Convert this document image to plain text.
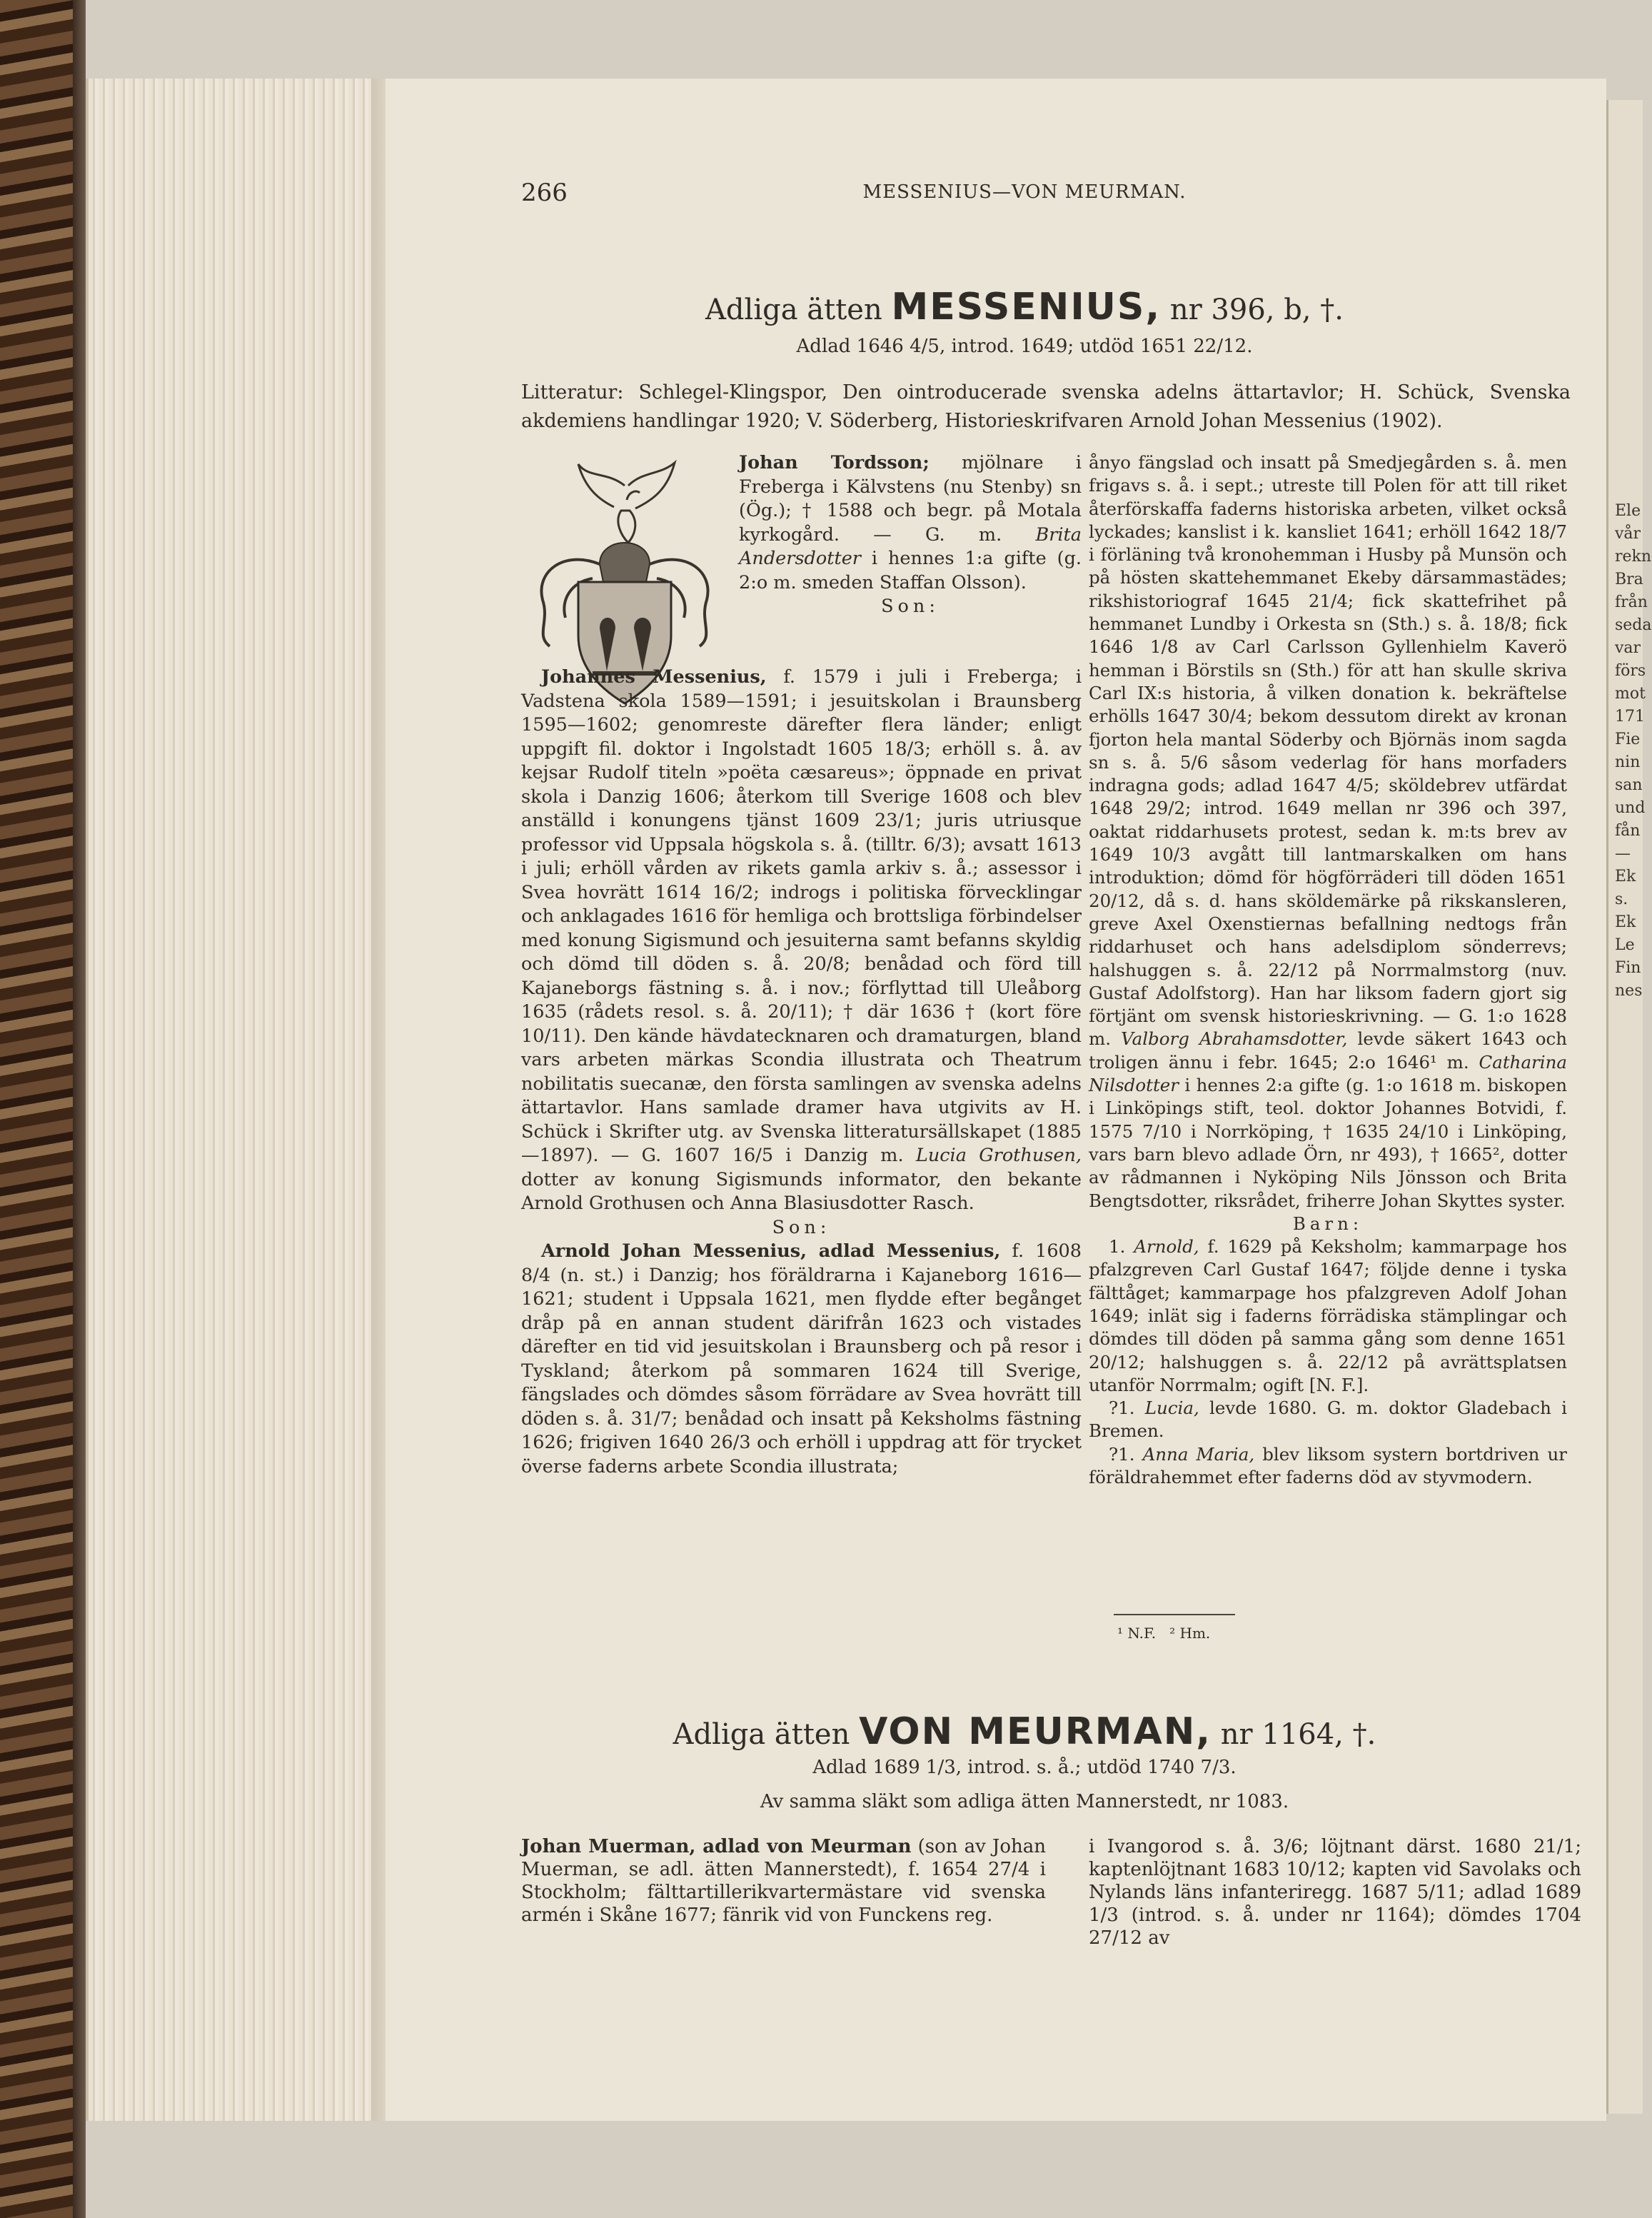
Ele
vår
rekn
Bra
från
seda
var
förs
mot
171
Fie
nin
san
und
fån
—
Ek
s.
Ek
Le
Fin
nes
266	MESSENIUS—VON MEURMAN.
Adliga ätten MESSENIUS, nr 396, b, †.
Adlad 1646 4/5, introd. 1649; utdöd 1651 22/12.
Litteratur: Schlegel-Klingspor, Den ointroducerade svenska adelns ättartavlor; H. Schück, Svenska akdemiens handlingar 1920; V. Söderberg, Historieskrifvaren Arnold Johan Messenius (1902).

Johan Tordsson; mjölnare i Freberga i Kälvstens (nu Stenby) sn (Ög.); † 1588 och begr. på Motala kyrkogård. — G. m. Brita Andersdotter i hennes 1:a gifte (g. 2:o m. smeden Staffan Olsson).

Son:

Johannes Messenius, f. 1579 i juli i Freberga; i Vadstena skola 1589—1591; i jesuitskolan i Braunsberg 1595—1602; genomreste därefter flera länder; enligt uppgift fil. doktor i Ingolstadt 1605 18/3; erhöll s. å. av kejsar Rudolf titeln »poëta cæsareus»; öppnade en privat skola i Danzig 1606; återkom till Sverige 1608 och blev anställd i konungens tjänst 1609 23/1; juris utriusque professor vid Uppsala högskola s. å. (tilltr. 6/3); avsatt 1613 i juli; erhöll vården av rikets gamla arkiv s. å.; assessor i Svea hovrätt 1614 16/2; indrogs i politiska förvecklingar och anklagades 1616 för hemliga och brottsliga förbindelser med konung Sigismund och jesuiterna samt befanns skyldig och dömd till döden s. å. 20/8; benådad och förd till Kajaneborgs fästning s. å. i nov.; förflyttad till Uleåborg 1635 (rådets resol. s. å. 20/11); † där 1636 † (kort före 10/11). Den kände hävdatecknaren och dramaturgen, bland vars arbeten märkas Scondia illustrata och Theatrum nobilitatis suecanæ, den första samlingen av svenska adelns ättartavlor. Hans samlade dramer hava utgivits av H. Schück i Skrifter utg. av Svenska litteratursällskapet (1885—1897). — G. 1607 16/5 i Danzig m. Lucia Grothusen, dotter av konung Sigismunds informator, den bekante Arnold Grothusen och Anna Blasiusdotter Rasch.

Son:

Arnold Johan Messenius, adlad Messenius, f. 1608 8/4 (n. st.) i Danzig; hos föräldrarna i Kajaneborg 1616—1621; student i Uppsala 1621, men flydde efter begånget dråp på en annan student därifrån 1623 och vistades därefter en tid vid jesuitskolan i Braunsberg och på resor i Tyskland; återkom på sommaren 1624 till Sverige, fängslades och dömdes såsom förrädare av Svea hovrätt till döden s. å. 31/7; benådad och insatt på Keksholms fästning 1626; frigiven 1640 26/3 och erhöll i uppdrag att för trycket överse faderns arbete Scondia illustrata;

ånyo fängslad och insatt på Smedjegården s. å. men frigavs s. å. i sept.; utreste till Polen för att till riket återförskaffa faderns historiska arbeten, vilket också lyckades; kanslist i k. kansliet 1641; erhöll 1642 18/7 i förläning två kronohemman i Husby på Munsön och på hösten skattehemmanet Ekeby därsammastädes; rikshistoriograf 1645 21/4; fick skattefrihet på hemmanet Lundby i Orkesta sn (Sth.) s. å. 18/8; fick 1646 1/8 av Carl Carlsson Gyllenhielm Kaverö hemman i Börstils sn (Sth.) för att han skulle skriva Carl IX:s historia, å vilken donation k. bekräftelse erhölls 1647 30/4; bekom dessutom direkt av kronan fjorton hela mantal Söderby och Björnäs inom sagda sn s. å. 5/6 såsom vederlag för hans morfaders indragna gods; adlad 1647 4/5; sköldebrev utfärdat 1648 29/2; introd. 1649 mellan nr 396 och 397, oaktat riddarhusets protest, sedan k. m:ts brev av 1649 10/3 avgått till lantmarskalken om hans introduktion; dömd för högförräderi till döden 1651 20/12, då s. d. hans sköldemärke på rikskansleren, greve Axel Oxenstiernas befallning nedtogs från riddarhuset och hans adelsdiplom sönderrevs; halshuggen s. å. 22/12 på Norrmalmstorg (nuv. Gustaf Adolfstorg). Han har liksom fadern gjort sig förtjänt om svensk historieskrivning. — G. 1:o 1628 m. Valborg Abrahamsdotter, levde säkert 1643 och troligen ännu i febr. 1645; 2:o 1646¹ m. Catharina Nilsdotter i hennes 2:a gifte (g. 1:o 1618 m. biskopen i Linköpings stift, teol. doktor Johannes Botvidi, f. 1575 7/10 i Norrköping, † 1635 24/10 i Linköping, vars barn blevo adlade Örn, nr 493), † 1665², dotter av rådmannen i Nyköping Nils Jönsson och Brita Bengtsdotter, riksrådet, friherre Johan Skyttes syster.

Barn:

1. Arnold, f. 1629 på Keksholm; kammarpage hos pfalzgreven Carl Gustaf 1647; följde denne i tyska fälttåget; kammarpage hos pfalzgreven Adolf Johan 1649; inlät sig i faderns förrädiska stämplingar och dömdes till döden på samma gång som denne 1651 20/12; halshuggen s. å. 22/12 på avrättsplatsen utanför Norrmalm; ogift [N. F.].

?1. Lucia, levde 1680. G. m. doktor Gladebach i Bremen.

?1. Anna Maria, blev liksom systern bortdriven ur föräldrahemmet efter faderns död av styvmodern.

¹ N.F.   ² Hm.
Adliga ätten VON MEURMAN, nr 1164, †.
Adlad 1689 1/3, introd. s. å.; utdöd 1740 7/3.
Av samma släkt som adliga ätten Mannerstedt, nr 1083.

Johan Muerman, adlad von Meurman (son av Johan Muerman, se adl. ätten Mannerstedt), f. 1654 27/4 i Stockholm; fälttartillerikvartermästare vid svenska armén i Skåne 1677; fänrik vid von Funckens reg.

i Ivangorod s. å. 3/6; löjtnant därst. 1680 21/1; kaptenlöjtnant 1683 10/12; kapten vid Savolaks och Nylands läns infanteriregg. 1687 5/11; adlad 1689 1/3 (introd. s. å. under nr 1164); dömdes 1704 27/12 av
